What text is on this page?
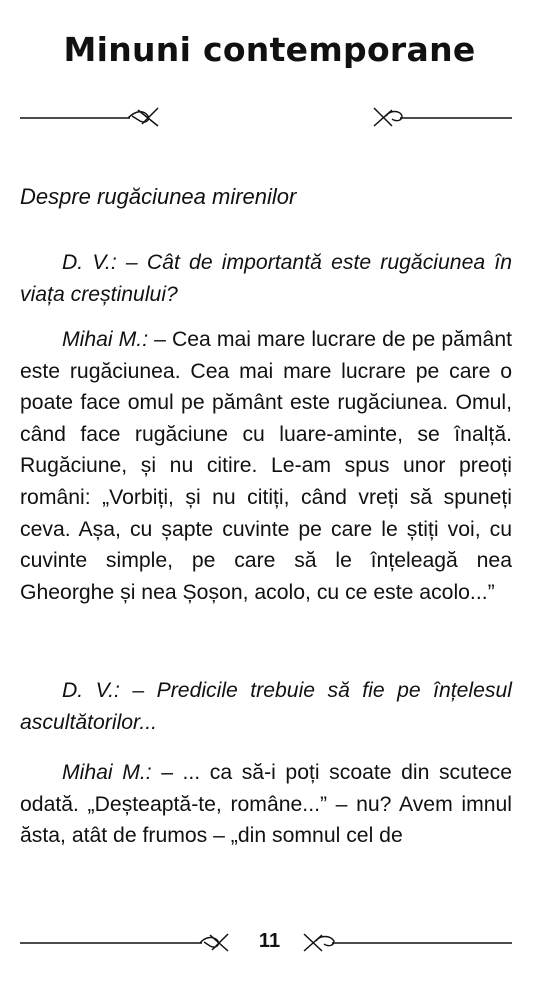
Minuni contemporane
Despre rugăciunea mirenilor
D. V.: – Cât de importantă este rugăciunea în viața creștinului?
Mihai M.: – Cea mai mare lucrare de pe pământ este rugăciunea. Cea mai mare lucrare pe care o poate face omul pe pământ este rugăciunea. Omul, când face rugăciune cu luare-aminte, se înalță. Rugăciune, și nu citire. Le-am spus unor preoți români: „Vorbiți, și nu citiți, când vreți să spuneți ceva. Așa, cu șapte cuvinte pe care le știți voi, cu cuvinte simple, pe care să le înțeleagă nea Gheorghe și nea Șoșon, acolo, cu ce este acolo...”
D. V.: – Predicile trebuie să fie pe înțelesul ascultătorilor...
Mihai M.: – ... ca să-i poți scoate din scutece odată. „Deșteaptă-te, române...” – nu? Avem imnul ăsta, atât de frumos – „din somnul cel de
11
